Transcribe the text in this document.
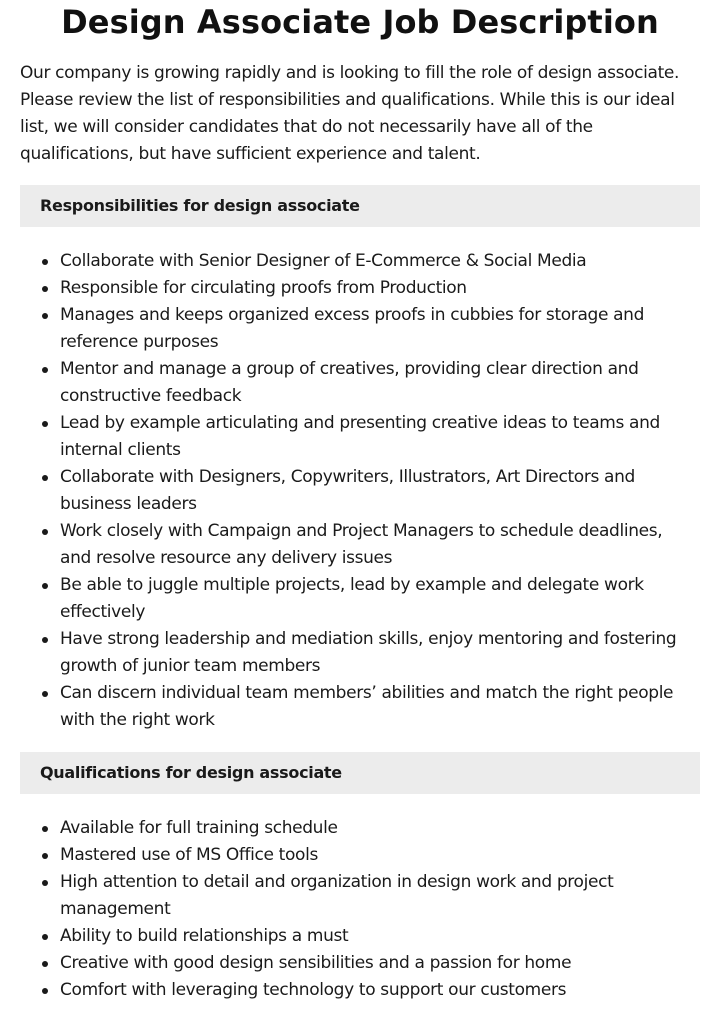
Design Associate Job Description

Our company is growing rapidly and is looking to fill the role of design associate. Please review the list of responsibilities and qualifications. While this is our ideal list, we will consider candidates that do not necessarily have all of the qualifications, but have sufficient experience and talent.

Responsibilities for design associate
Collaborate with Senior Designer of E-Commerce & Social Media
Responsible for circulating proofs from Production
Manages and keeps organized excess proofs in cubbies for storage and reference purposes
Mentor and manage a group of creatives, providing clear direction and constructive feedback
Lead by example articulating and presenting creative ideas to teams and internal clients
Collaborate with Designers, Copywriters, Illustrators, Art Directors and business leaders
Work closely with Campaign and Project Managers to schedule deadlines, and resolve resource any delivery issues
Be able to juggle multiple projects, lead by example and delegate work effectively
Have strong leadership and mediation skills, enjoy mentoring and fostering growth of junior team members
Can discern individual team members’ abilities and match the right people with the right work
Qualifications for design associate
Available for full training schedule
Mastered use of MS Office tools
High attention to detail and organization in design work and project management
Ability to build relationships a must
Creative with good design sensibilities and a passion for home
Comfort with leveraging technology to support our customers
